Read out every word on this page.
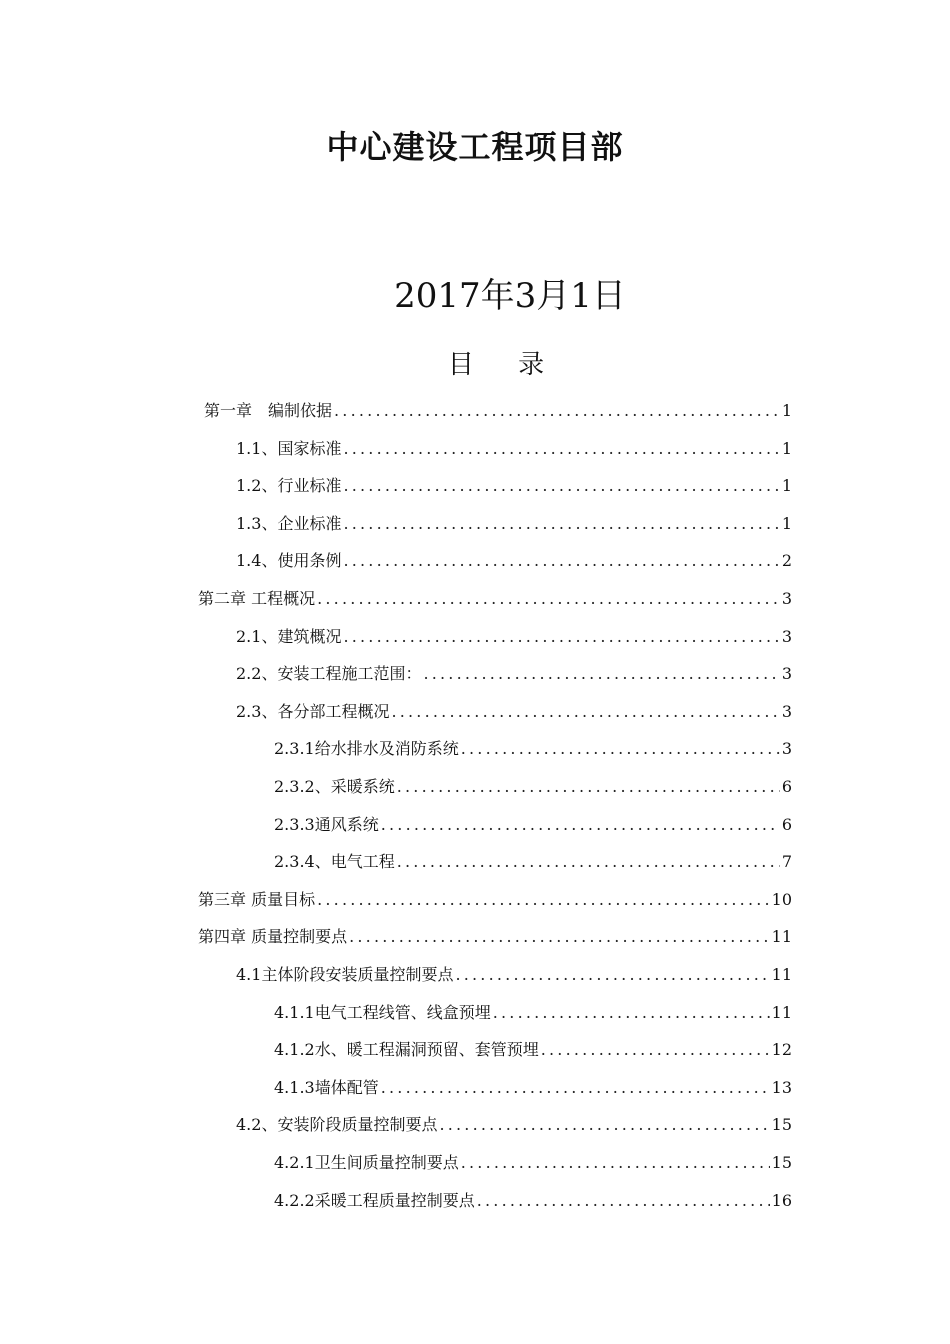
中心建设工程项目部
2017年3月1日
目 录
第一章　编制依据 .....	1
1.1、国家标准 .....	1
1.2、行业标准 .....	1
1.3、企业标准 .....	1
1.4、使用条例 .....	2
第二章 工程概况 .....	3
2.1、建筑概况 .....	3
2.2、安装工程施工范围： .....	3
2.3、各分部工程概况 .....	3
2.3.1给水排水及消防系统 .....	3
2.3.2、采暖系统 .....	6
2.3.3通风系统 .....	6
2.3.4、电气工程 .....	7
第三章 质量目标 .....	10
第四章 质量控制要点 .....	11
4.1主体阶段安装质量控制要点 .....	11
4.1.1电气工程线管、线盒预埋 .....	11
4.1.2水、暖工程漏洞预留、套管预埋 .....	12
4.1.3墙体配管 .....	13
4.2、安装阶段质量控制要点 .....	15
4.2.1卫生间质量控制要点 .....	15
4.2.2采暖工程质量控制要点 .....	16
